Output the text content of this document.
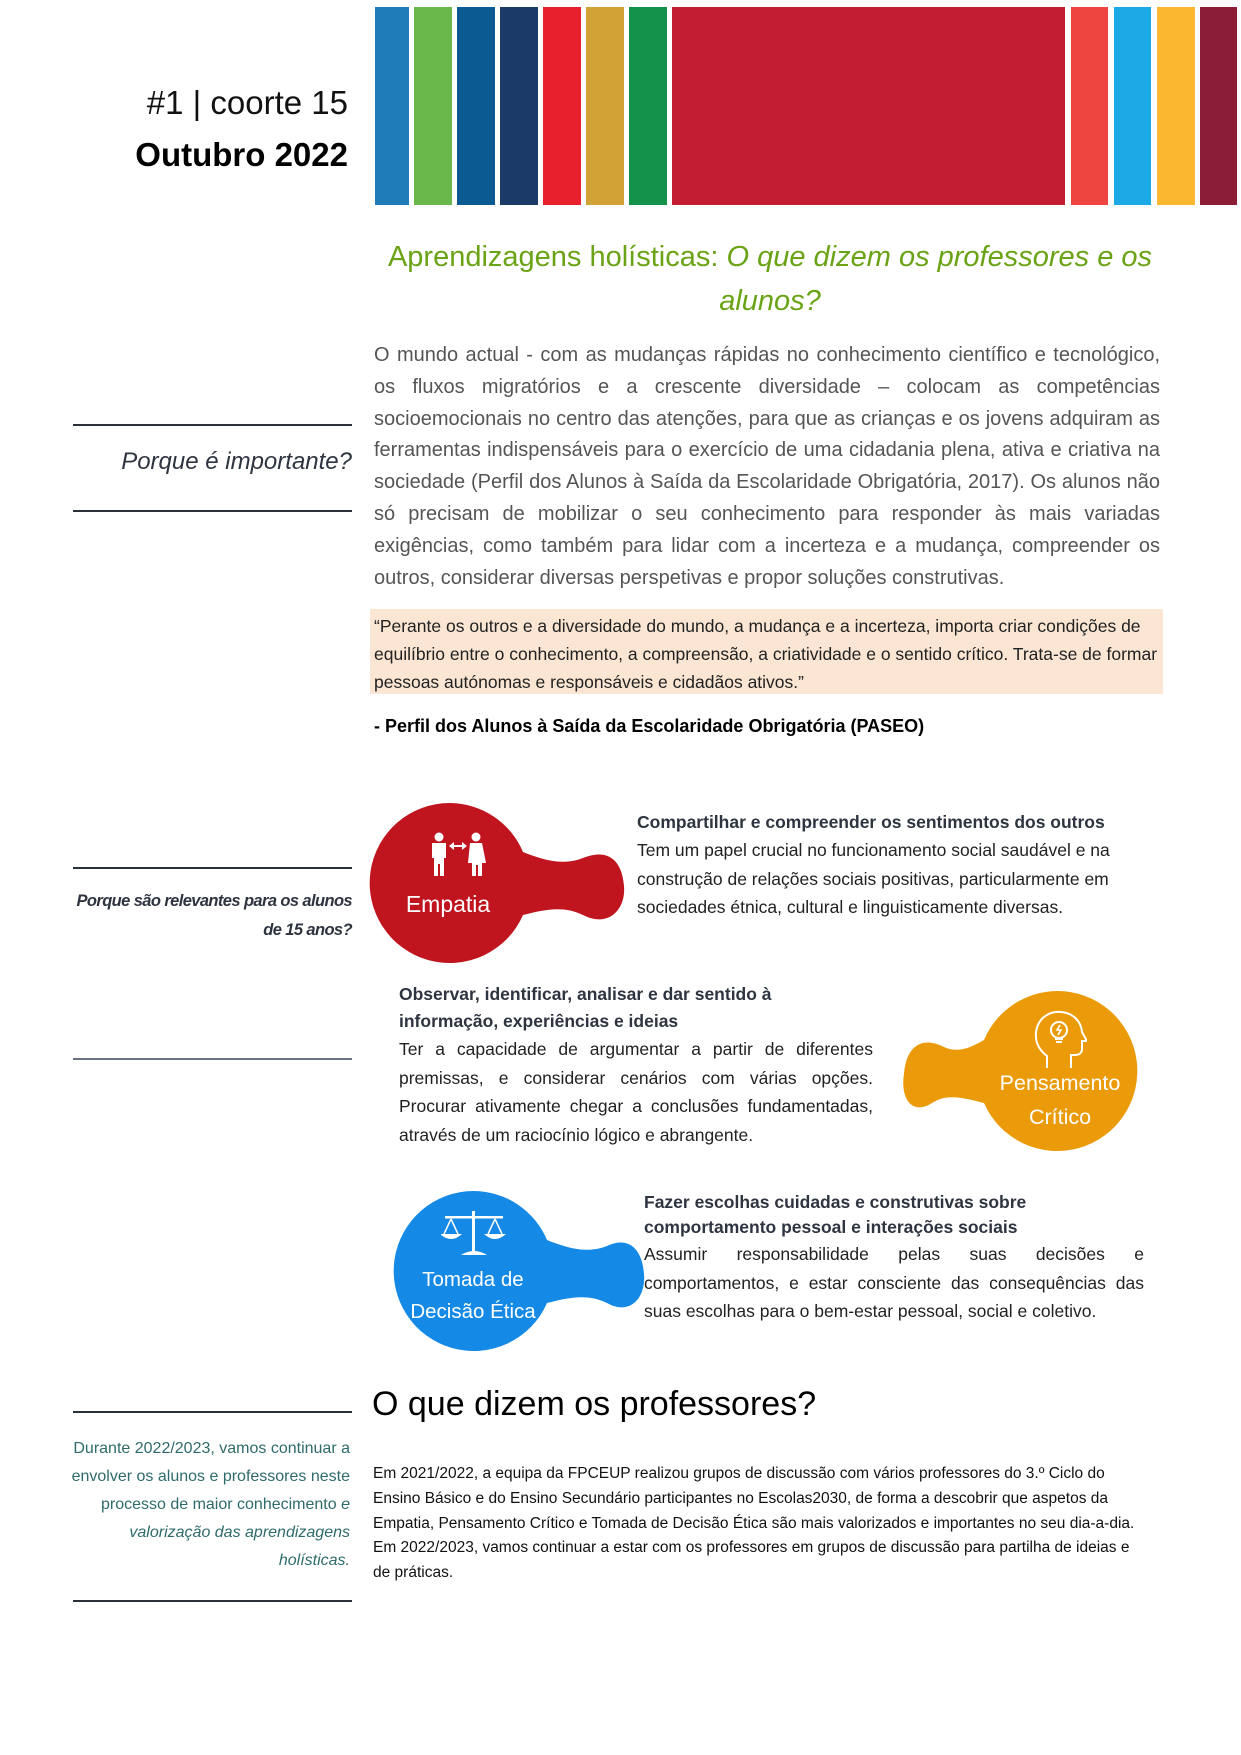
#1 | coorte 15
Outubro 2022
Aprendizagens holísticas: O que dizem os professores e os alunos?
Porque é importante?
O mundo actual - com as mudanças rápidas no conhecimento científico e tecnológico, os fluxos migratórios e a crescente diversidade – colocam as competências socioemocionais no centro das atenções, para que as crianças e os jovens adquiram as ferramentas indispensáveis para o exercício de uma cidadania plena, ativa e criativa na sociedade (Perfil dos Alunos à Saída da Escolaridade Obrigatória, 2017). Os alunos não só precisam de mobilizar o seu conhecimento para responder às mais variadas exigências, como também para lidar com a incerteza e a mudança, compreender os outros, considerar diversas perspetivas e propor soluções construtivas.
“Perante os outros e a diversidade do mundo, a mudança e a incerteza, importa criar condições de equilíbrio entre o conhecimento, a compreensão, a criatividade e o sentido crítico. Trata-se de formar pessoas autónomas e responsáveis e cidadãos ativos.”
- Perfil dos Alunos à Saída da Escolaridade Obrigatória (PASEO)
Porque são relevantes para os alunos de 15 anos?
Empatia
Compartilhar e compreender os sentimentos dos outros
Tem um papel crucial no funcionamento social saudável e na construção de relações sociais positivas, particularmente em sociedades étnica, cultural e linguisticamente diversas.
Observar, identificar, analisar e dar sentido à informação, experiências e ideias
Ter a capacidade de argumentar a partir de diferentes premissas, e considerar cenários com várias opções. Procurar ativamente chegar a conclusões fundamentadas, através de um raciocínio lógico e abrangente.
Pensamento
Crítico
Tomada de
Decisão Ética
Fazer escolhas cuidadas e construtivas sobre comportamento pessoal e interações sociais
Assumir responsabilidade pelas suas decisões e comportamentos, e estar consciente das consequências das suas escolhas para o bem-estar pessoal, social e coletivo.
Durante 2022/2023, vamos continuar a envolver os alunos e professores neste processo de maior conhecimento e valorização das aprendizagens holísticas.
O que dizem os professores?
Em 2021/2022, a equipa da FPCEUP realizou grupos de discussão com vários professores do 3.º Ciclo do Ensino Básico e do Ensino Secundário participantes no Escolas2030, de forma a descobrir que aspetos da Empatia, Pensamento Crítico e Tomada de Decisão Ética são mais valorizados e importantes no seu dia-a-dia. Em 2022/2023, vamos continuar a estar com os professores em grupos de discussão para partilha de ideias e de práticas.
